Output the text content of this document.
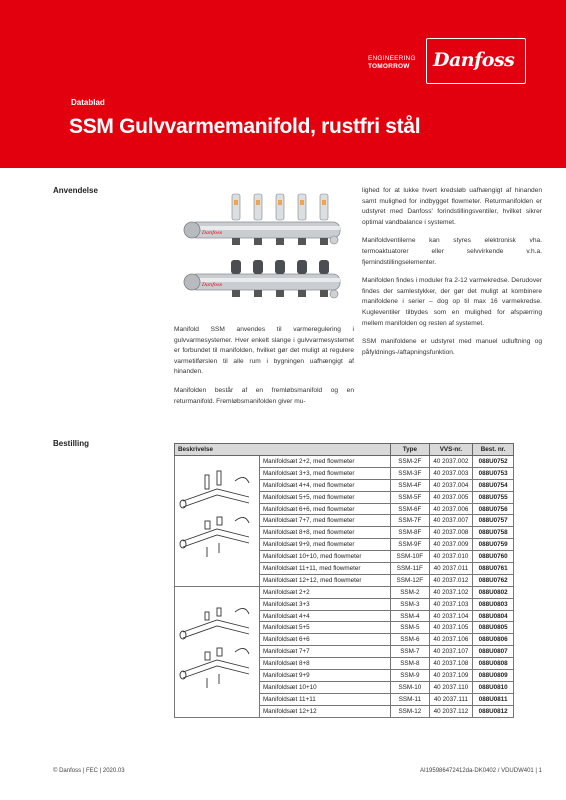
ENGINEERING
TOMORROW	Danfoss
Datablad
SSM Gulvvarmemanifold, rustfri stål
Anvendelse
Danfoss
Danfoss

Manifold SSM anvendes til varmeregulering i gulvvarmesystemer. Hver enkelt slange i gulvvarmesystemet er forbundet til manifolden, hvilket gør det muligt at regulere varmetilførslen til alle rum i bygningen uafhængigt af hinanden.

Manifolden består af en fremløbsmanifold og en returmanifold. Fremløbsmanifolden giver mu-

lighed for at lukke hvert kredsløb uafhængigt af hinanden samt mulighed for indbygget flowmeter. Returmanifolden er udstyret med Danfoss' forindstillingsventiler, hvilket sikrer optimal vandbalance i systemet.

Manifoldventilerne kan styres elektronisk vha. termoaktuatorer eller selvvirkende v.h.a. fjernindstillingselementer.

Manifolden findes i moduler fra 2-12 varmekredse. Derudover findes der samlestykker, der gør det muligt at kombinere manifoldene i serier – dog op til max 16 varmekredse. Kugleventiler tilbydes som en mulighed for afspærring mellem manifolden og resten af systemet.

SSM manifoldene er udstyret med manuel udluftning og påfyldnings-/aftapningsfunktion.

Bestilling
Beskrivelse		Type	VVS-nr.	Best. nr.

	Manifoldsæt 2+2, med flowmeter	SSM-2F	40 2037.002	088U0752
	Manifoldsæt 3+3, med flowmeter	SSM-3F	40 2037.003	088U0753
	Manifoldsæt 4+4, med flowmeter	SSM-4F	40 2037.004	088U0754
	Manifoldsæt 5+5, med flowmeter	SSM-5F	40 2037.005	088U0755
	Manifoldsæt 6+6, med flowmeter	SSM-6F	40 2037.006	088U0756
	Manifoldsæt 7+7, med flowmeter	SSM-7F	40 2037.007	088U0757
	Manifoldsæt 8+8, med flowmeter	SSM-8F	40 2037.008	088U0758
	Manifoldsæt 9+9, med flowmeter	SSM-9F	40 2037.009	088U0759
	Manifoldsæt 10+10, med flowmeter	SSM-10F	40 2037.010	088U0760
	Manifoldsæt 11+11, med flowmeter	SSM-11F	40 2037.011	088U0761
	Manifoldsæt 12+12, med flowmeter	SSM-12F	40 2037.012	088U0762

	Manifoldsæt 2+2	SSM-2	40 2037.102	088U0802
	Manifoldsæt 3+3	SSM-3	40 2037.103	088U0803
	Manifoldsæt 4+4	SSM-4	40 2037.104	088U0804
	Manifoldsæt 5+5	SSM-5	40 2037.105	088U0805
	Manifoldsæt 6+6	SSM-6	40 2037.106	088U0806
	Manifoldsæt 7+7	SSM-7	40 2037.107	088U0807
	Manifoldsæt 8+8	SSM-8	40 2037.108	088U0808
	Manifoldsæt 9+9	SSM-9	40 2037.109	088U0809
	Manifoldsæt 10+10	SSM-10	40 2037.110	088U0810
	Manifoldsæt 11+11	SSM-11	40 2037.111	088U0811
	Manifoldsæt 12+12	SSM-12	40 2037.112	088U0812
© Danfoss | FEC | 2020.03	AI195986472412da-DK0402 / VDUDW401 | 1
